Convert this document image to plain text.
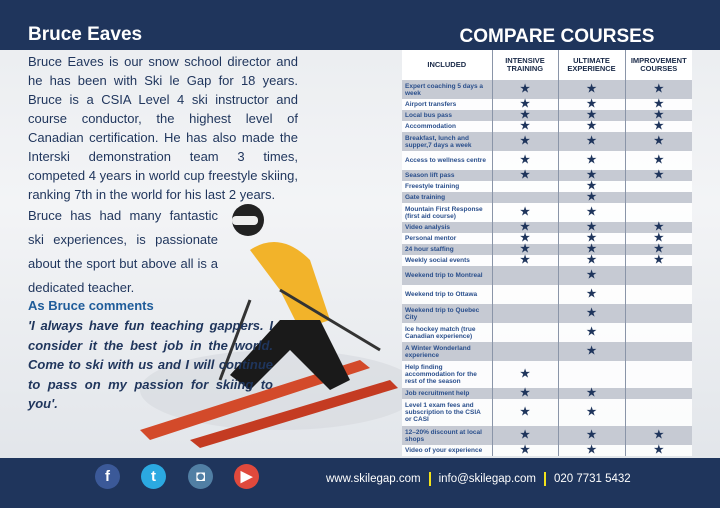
Bruce Eaves	COMPARE COURSES
Bruce Eaves is our snow school director and he has been with Ski le Gap for 18 years. Bruce is a CSIA Level 4 ski instructor and course conductor, the highest level of Canadian certification. He has also made the Interski demonstration team 3 times, competed 4 years in world cup freestyle skiing, ranking 7th in the world for his last 2 years.
Bruce has had many fantastic ski experiences, is passionate about the sport but above all is a dedicated teacher.
As Bruce comments
'I always have fun teaching gappers. I consider it the best job in the world. Come to ski with us and I will continue to pass on my passion for skiing to you'.
INCLUDED	INTENSIVE TRAINING	ULTIMATE EXPERIENCE	IMPROVEMENT COURSES
Expert coaching 5 days a week	★	★	★
Airport transfers	★	★	★
Local bus pass	★	★	★
Accommodation	★	★	★
Breakfast, lunch and supper,7 days a week	★	★	★
Access to wellness centre	★	★	★
Season lift pass	★	★	★
Freestyle training		★	
Gate training		★	
Mountain First Response (first aid course)	★	★	
Video analysis	★	★	★
Personal mentor	★	★	★
24 hour staffing	★	★	★
Weekly social events	★	★	★
Weekend trip to Montreal		★	
Weekend trip to Ottawa		★	
Weekend trip to Quebec City		★	
Ice hockey match (true Canadian experience)		★	
A Winter Wonderland experience		★	
Help finding accommodation for the rest of the season	★		
Job recruitment help	★	★	
Level 1 exam fees and subscription to the CSIA or CASI	★	★	
12–20% discount at local shops	★	★	★
Video of your experience	★	★	★
f	t	◘	▶	www.skilegap.com info@skilegap.com 020 7731 5432
